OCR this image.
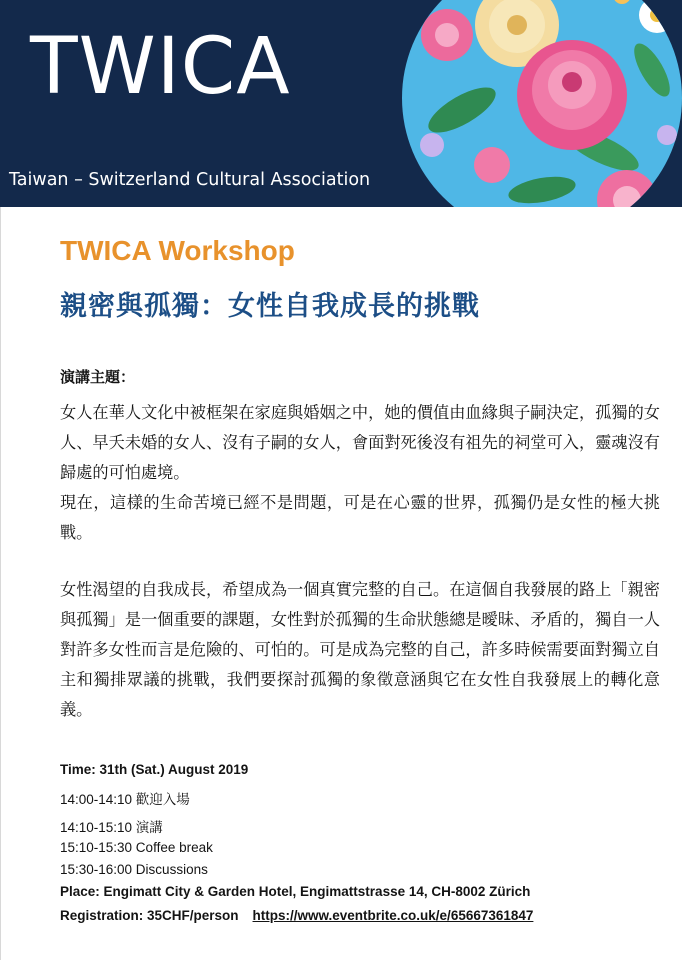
TWICA
Taiwan – Switzerland Cultural Association
TWICA Workshop
親密與孤獨：女性自我成長的挑戰
演講主題：
女人在華人文化中被框架在家庭與婚姻之中，她的價值由血緣與子嗣決定，孤獨的女人、早夭未婚的女人、沒有子嗣的女人，會面對死後沒有祖先的祠堂可入，靈魂沒有歸處的可怕處境。
現在，這樣的生命苦境已經不是問題，可是在心靈的世界，孤獨仍是女性的極大挑戰。
女性渴望的自我成長，希望成為一個真實完整的自己。在這個自我發展的路上「親密與孤獨」是一個重要的課題，女性對於孤獨的生命狀態總是曖昧、矛盾的，獨自一人對許多女性而言是危險的、可怕的。可是成為完整的自己，許多時候需要面對獨立自主和獨排眾議的挑戰，我們要探討孤獨的象徵意涵與它在女性自我發展上的轉化意義。
Time: 31th (Sat.) August 2019
14:00-14:10 歡迎入場
14:10-15:10 演講
15:10-15:30 Coffee break
15:30-16:00 Discussions
Place: Engimatt City & Garden Hotel, Engimattstrasse 14, CH-8002 Zürich
Registration: 35CHF/person https://www.eventbrite.co.uk/e/65667361847
